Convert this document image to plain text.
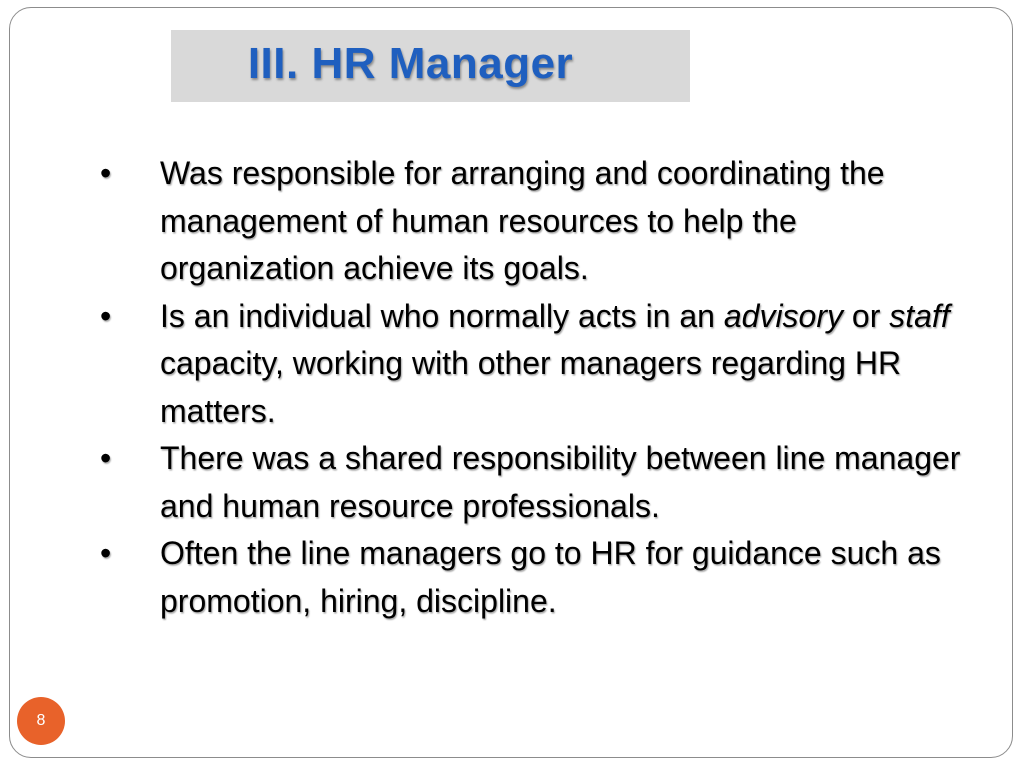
III. HR Manager
•	Was responsible for arranging and coordinating the management of human resources to help the organization achieve its goals.
•	Is an individual who normally acts in an advisory or staff capacity, working with other managers regarding HR matters.
•	There was a shared responsibility between line manager and human resource professionals.
•	Often the line managers go to HR for guidance such as promotion, hiring, discipline.
8
